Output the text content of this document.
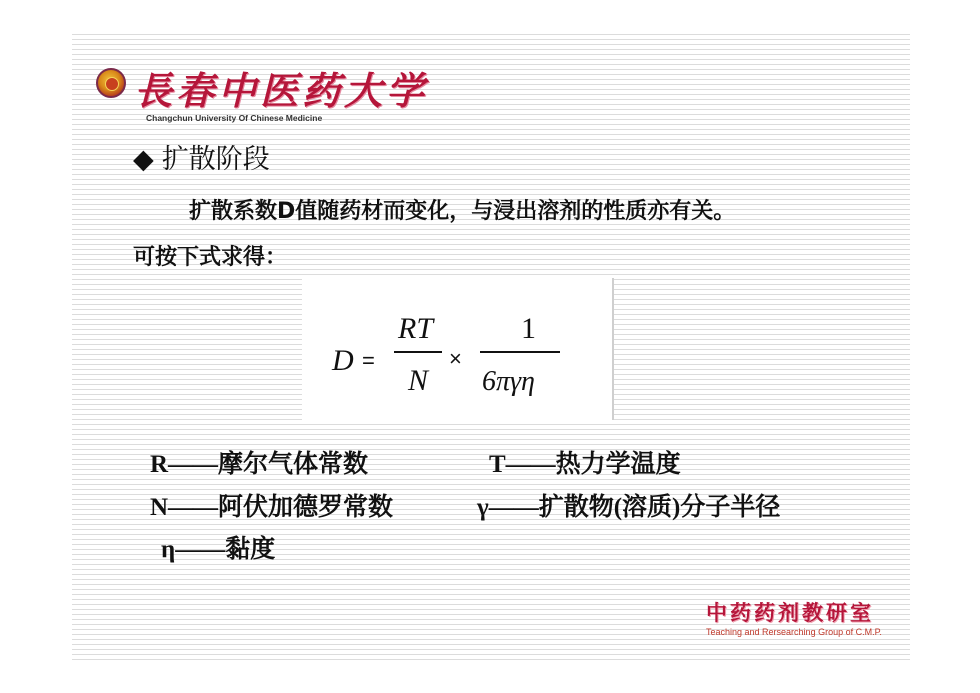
長春中医药大学
Changchun University Of Chinese Medicine
◆ 扩散阶段
扩散系数D值随药材而变化，与浸出溶剂的性质亦有关。
可按下式求得：
D =
RT
N
×
1
6πγη
R——摩尔气体常数	T——热力学温度
N——阿伏加德罗常数	γ——扩散物(溶质)分子半径
η——黏度
中药药剂教研室
Teaching and Rersearching Group of C.M.P.
